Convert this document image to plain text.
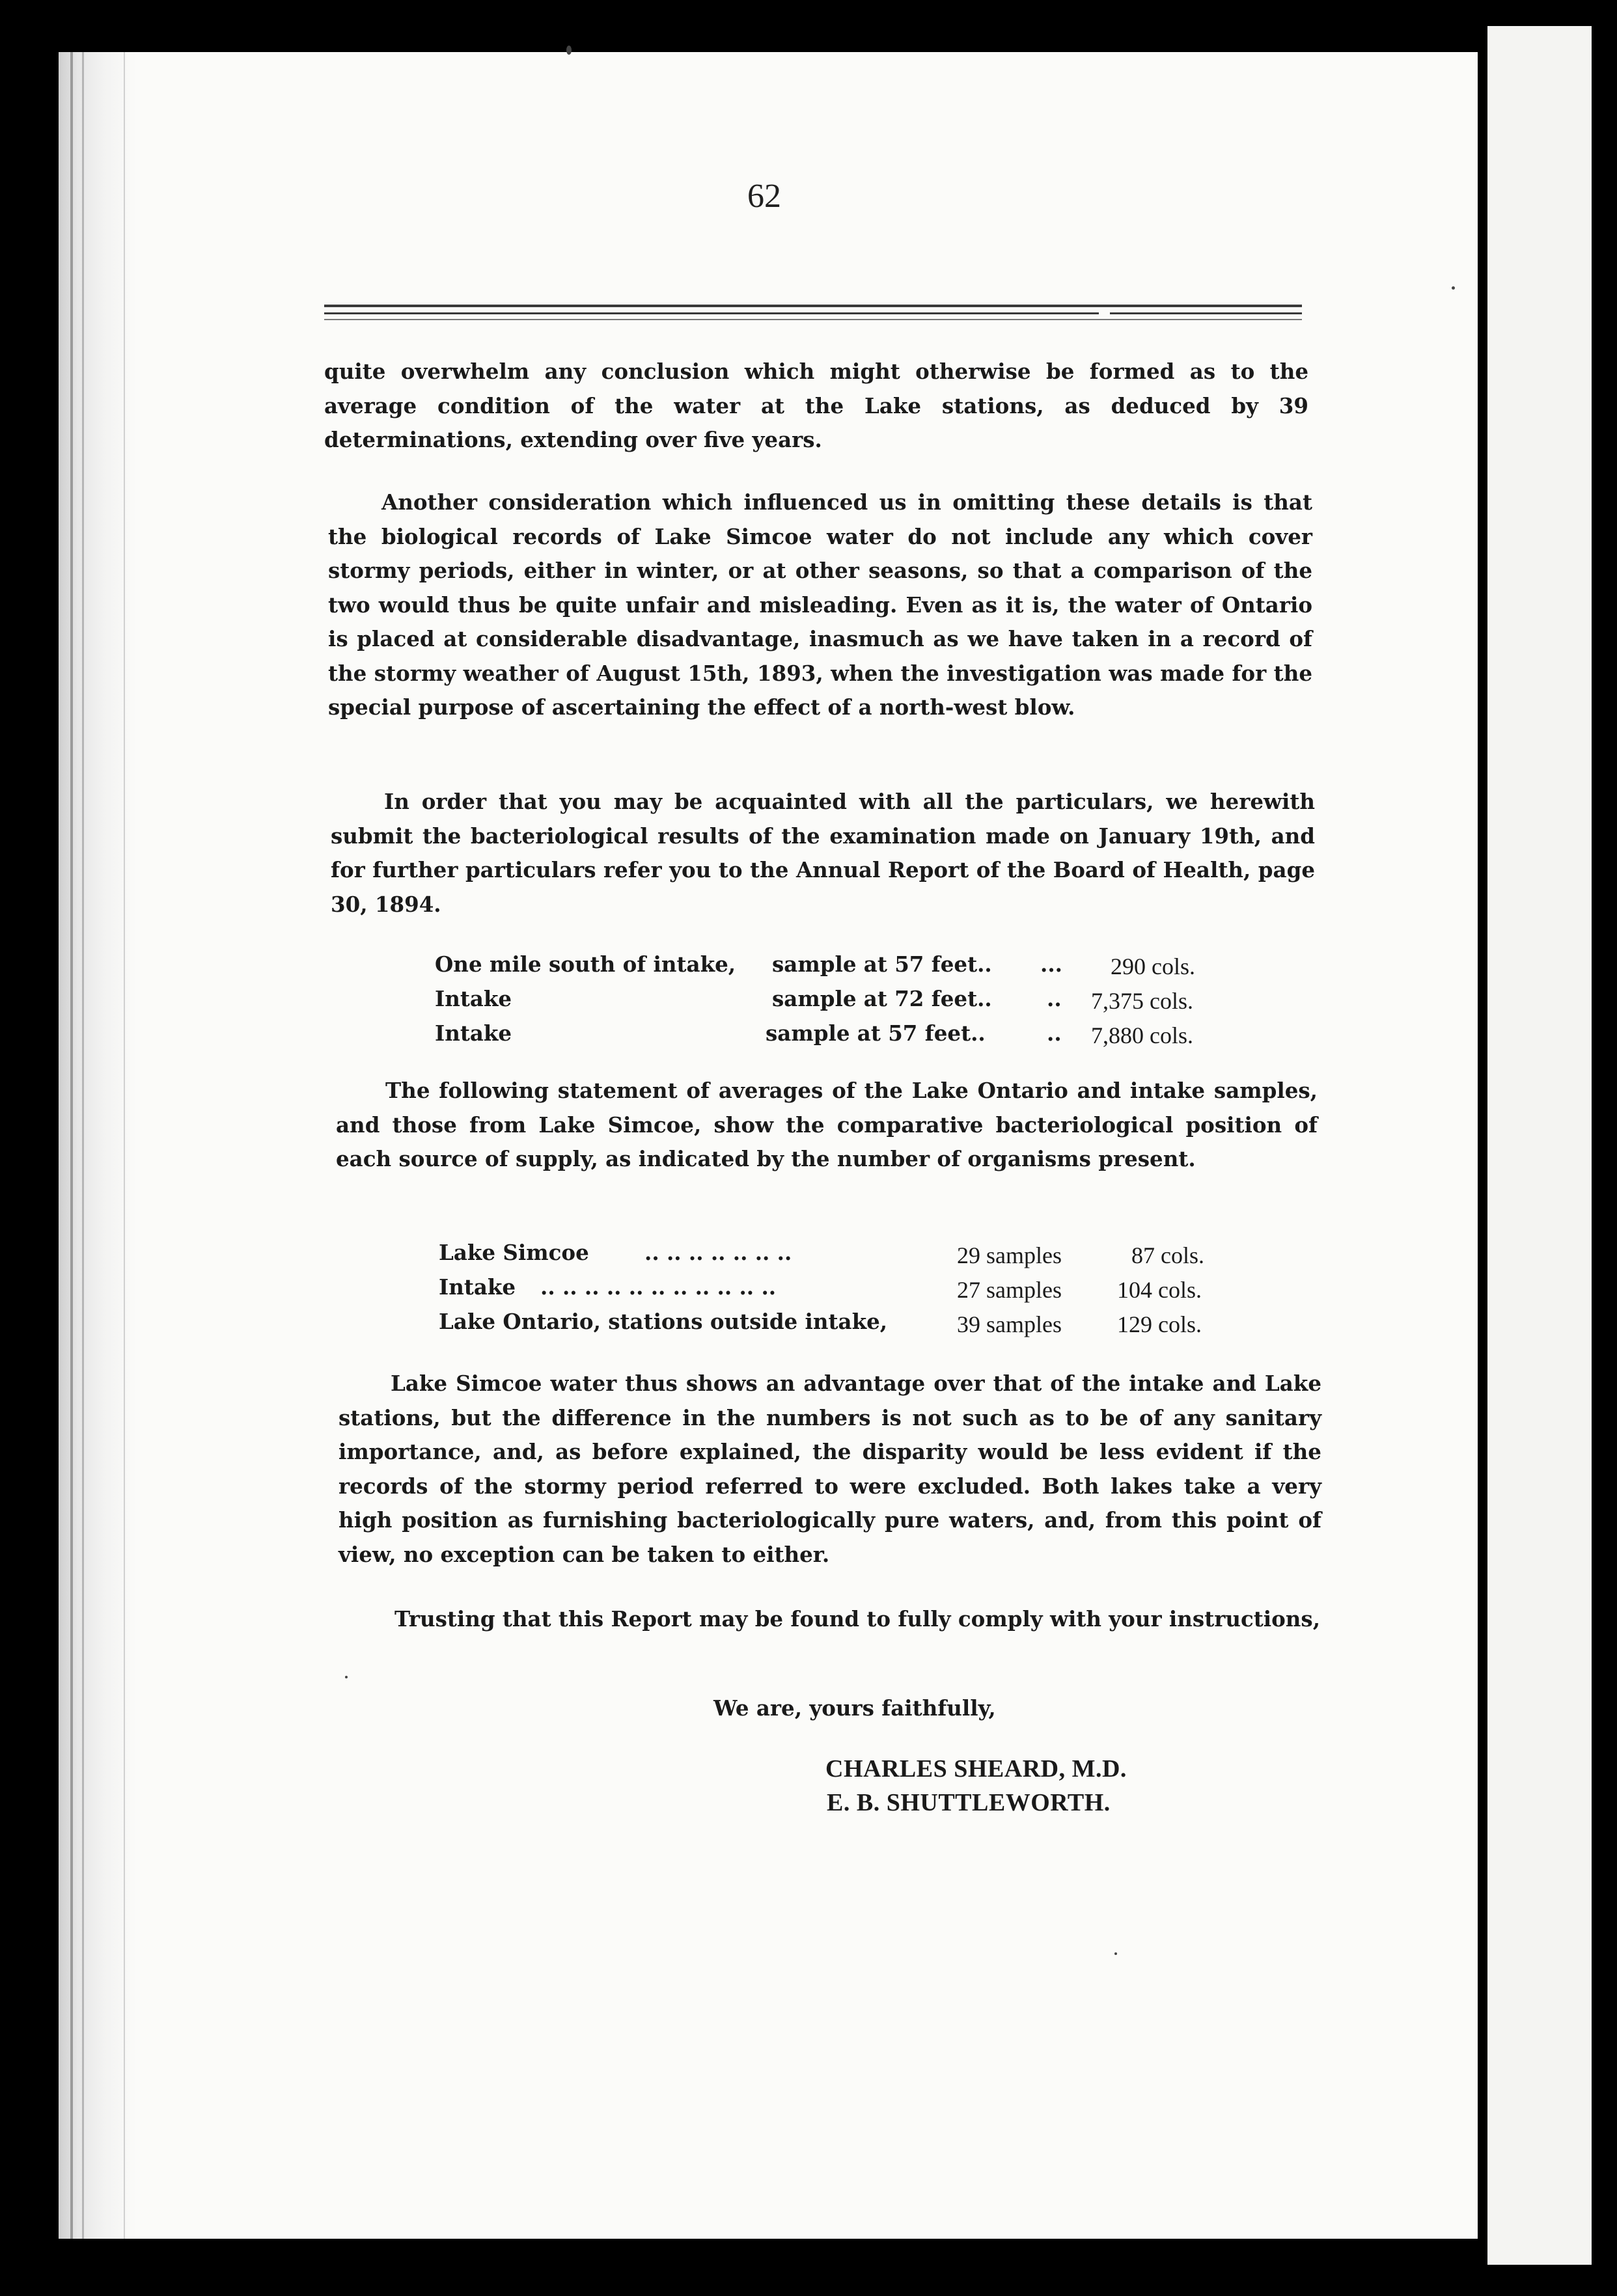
62

quite overwhelm any conclusion which might otherwise be formed as to the average condition of the water at the Lake stations, as deduced by 39 determinations, extending over five years.

Another consideration which influenced us in omitting these details is that the biological records of Lake Simcoe water do not include any which cover stormy periods, either in winter, or at other seasons, so that a comparison of the two would thus be quite unfair and misleading. Even as it is, the water of Ontario is placed at considerable disadvantage, inasmuch as we have taken in a record of the stormy weather of August 15th, 1893, when the investigation was made for the special purpose of ascertaining the effect of a north-west blow.

In order that you may be acquainted with all the particulars, we herewith submit the bacteriological results of the examination made on January 19th, and for further particulars refer you to the Annual Report of the Board of Health, page 30, 1894.

One mile south of intake, sample at 57 feet.. ... 290 cols.
Intake	sample at 72 feet..	.. 7,375 cols.
Intake	sample at 57 feet..	.. 7,880 cols.

The following statement of averages of the Lake Ontario and intake samples, and those from Lake Simcoe, show the comparative bacteriological position of each source of supply, as indicated by the number of organisms present.

Lake Simcoe	.. .. .. .. .. .. ..	29 samples	87 cols.
Intake .. .. .. .. .. .. .. .. .. .. ..	27 samples 104 cols.
Lake Ontario, stations outside intake,	39 samples 129 cols.

Lake Simcoe water thus shows an advantage over that of the intake and Lake stations, but the difference in the numbers is not such as to be of any sanitary importance, and, as before explained, the disparity would be less evident if the records of the stormy period referred to were excluded. Both lakes take a very high position as furnishing bacteriologically pure waters, and, from this point of view, no exception can be taken to either.

Trusting that this Report may be found to fully comply with your instructions,

We are, yours faithfully,
CHARLES SHEARD, M.D.
E. B. SHUTTLEWORTH.
